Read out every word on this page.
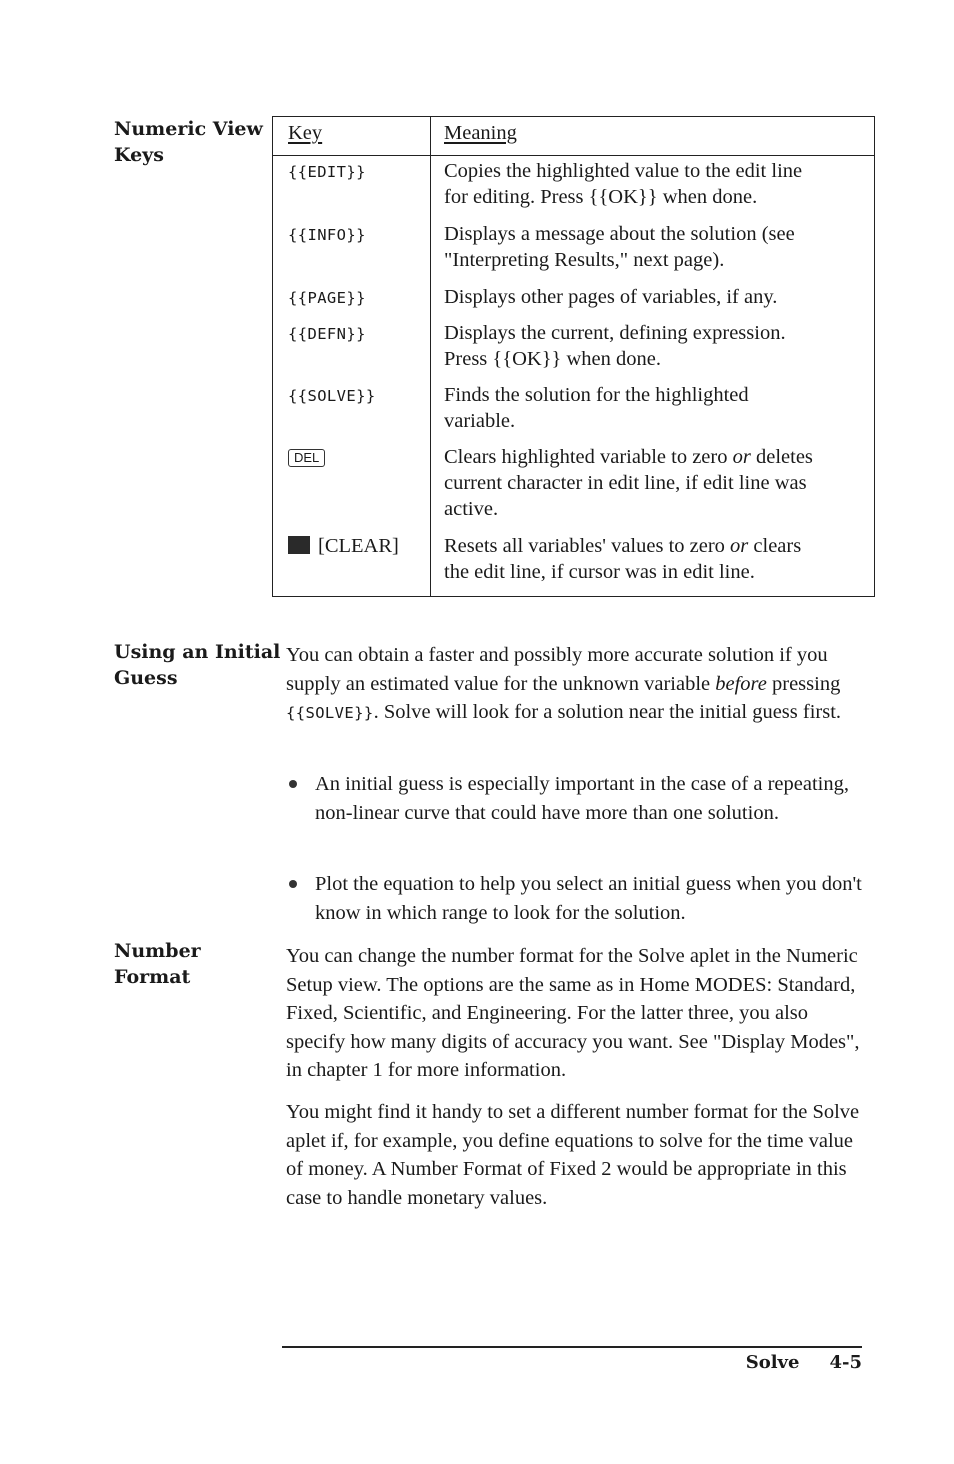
Numeric View
Keys
Key	Meaning
{{EDIT}}	Copies the highlighted value to the edit line
for editing. Press {{OK}} when done.
{{INFO}}	Displays a message about the solution (see
"Interpreting Results," next page).
{{PAGE}}	Displays other pages of variables, if any.
{{DEFN}}	Displays the current, defining expression.
Press {{OK}} when done.
{{SOLVE}}	Finds the solution for the highlighted
variable.
DEL	Clears highlighted variable to zero or deletes
current character in edit line, if edit line was
active.
[CLEAR]	Resets all variables' values to zero or clears
the edit line, if cursor was in edit line.
Using an Initial
Guess
You can obtain a faster and possibly more accurate solution if you supply an estimated value for the unknown variable before pressing {{SOLVE}}. Solve will look for a solution near the initial guess first.
An initial guess is especially important in the case of a repeating, non-linear curve that could have more than one solution.
Plot the equation to help you select an initial guess when you don't know in which range to look for the solution.
Number
Format
You can change the number format for the Solve aplet in the Numeric Setup view. The options are the same as in Home MODES: Standard, Fixed, Scientific, and Engineering. For the latter three, you also specify how many digits of accuracy you want. See "Display Modes", in chapter 1 for more information.
You might find it handy to set a different number format for the Solve aplet if, for example, you define equations to solve for the time value of money. A Number Format of Fixed 2 would be appropriate in this case to handle monetary values.
Solve 4-5
